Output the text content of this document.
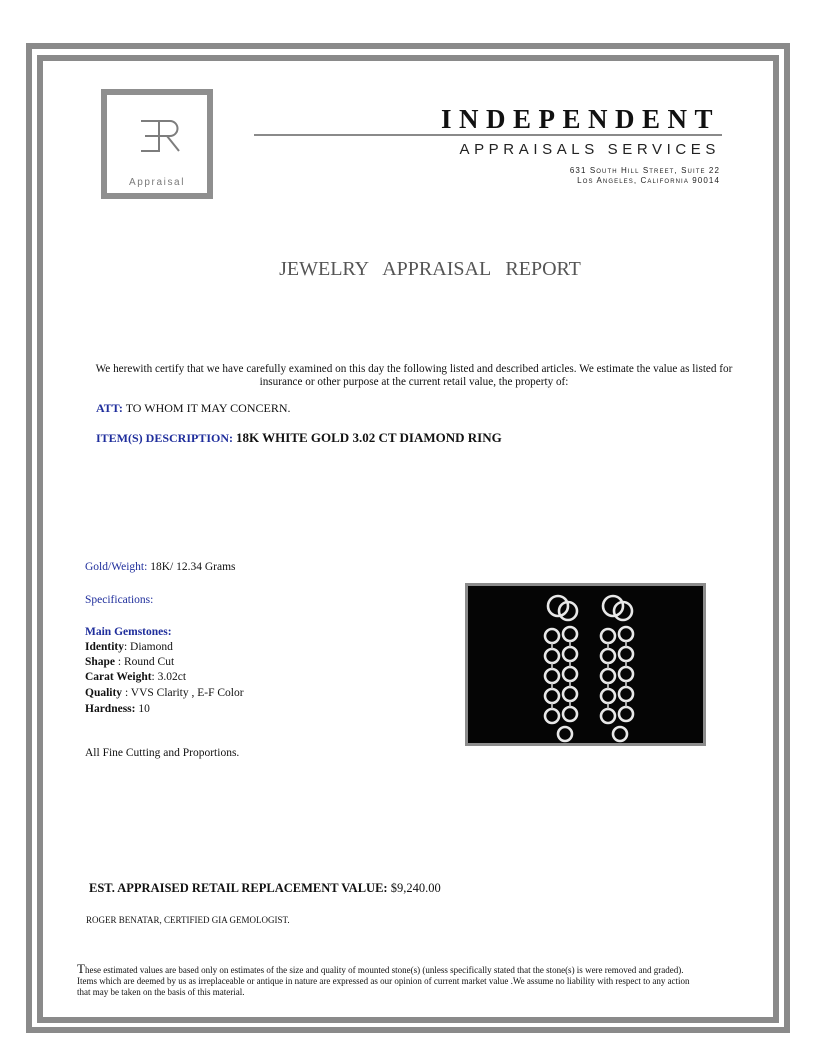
Appraisal
INDEPENDENT
APPRAISALS SERVICES
631 South Hill Street, Suite 22
Los Angeles, California 90014
JEWELRY   APPRAISAL   REPORT
We herewith certify that we have carefully examined on this day the following listed and described articles. We estimate the value as listed for insurance or other purpose at the current retail value, the property of:
ATT: TO WHOM IT MAY CONCERN.
ITEM(S) DESCRIPTION: 18K WHITE GOLD 3.02 CT DIAMOND RING
Gold/Weight: 18K/ 12.34 Grams
Specifications:
Main Gemstones:
Identity: Diamond
Shape : Round Cut
Carat Weight: 3.02ct
Quality : VVS Clarity , E-F Color
Hardness: 10
All Fine Cutting and Proportions.
EST. APPRAISED RETAIL REPLACEMENT VALUE: $9,240.00
ROGER BENATAR, CERTIFIED GIA GEMOLOGIST.
These estimated values are based only on estimates of the size and quality of mounted stone(s) (unless specifically stated that the stone(s) is were removed and graded). Items which are deemed by us as irreplaceable or antique in nature are expressed as our opinion of current market value .We assume no liability with respect to any action that may be taken on the basis of this material.
